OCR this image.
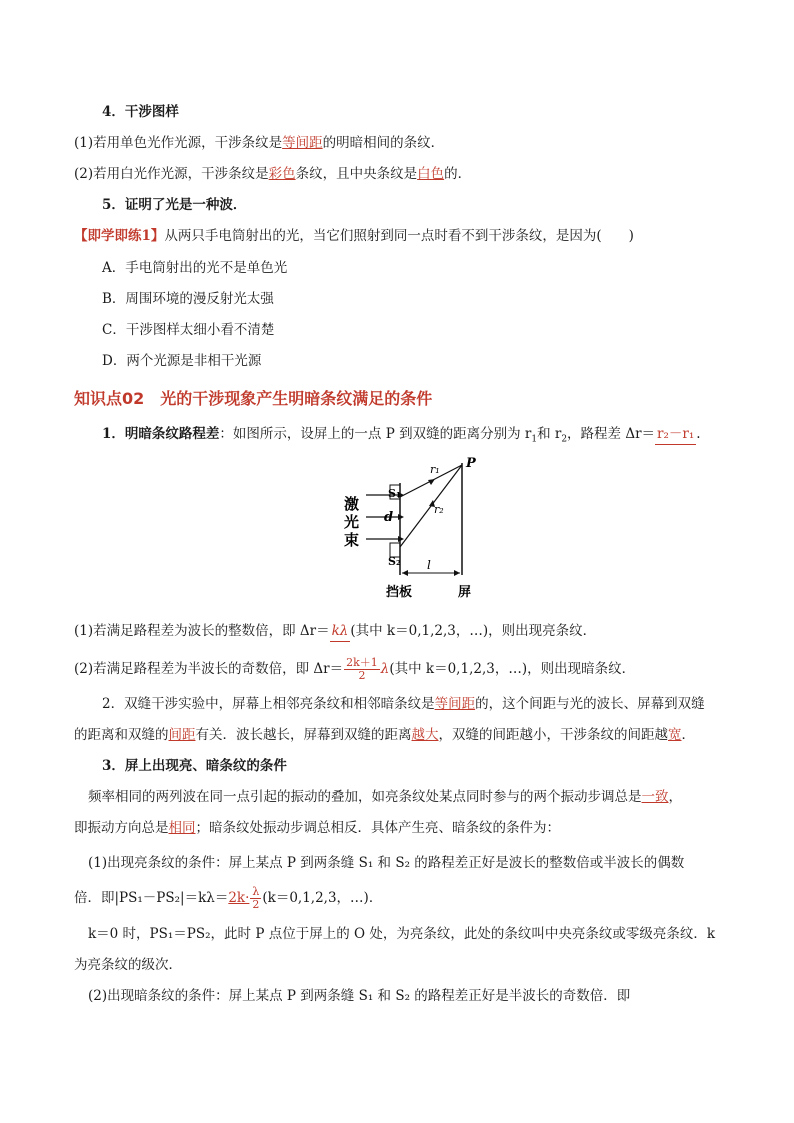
4．干涉图样
(1)若用单色光作光源，干涉条纹是等间距的明暗相间的条纹．
(2)若用白光作光源，干涉条纹是彩色条纹，且中央条纹是白色的．
5．证明了光是一种波．
【即学即练1】从两只手电筒射出的光，当它们照射到同一点时看不到干涉条纹，是因为(　　)
A．手电筒射出的光不是单色光
B．周围环境的漫反射光太强
C．干涉图样太细小看不清楚
D．两个光源是非相干光源
知识点02　光的干涉现象产生明暗条纹满足的条件
1．明暗条纹路程差：如图所示，设屏上的一点 P 到双缝的距离分别为 $r_1$和 $r_2$，路程差 Δr＝ r₂－r₁ .
激
光
束
S₁
S₂
d
r₁
r₂
P
l
挡板	屏
(1)若满足路程差为波长的整数倍，即 Δr＝ kλ (其中 k＝0,1,2,3，…)，则出现亮条纹．
(2)若满足路程差为半波长的奇数倍，即 $\Delta r= \frac{2k+1}{2} \lambda$(其中 k＝0,1,2,3，…)，则出现暗条纹．
2．双缝干涉实验中，屏幕上相邻亮条纹和相邻暗条纹是等间距的，这个间距与光的波长、屏幕到双缝
的距离和双缝的间距有关．波长越长，屏幕到双缝的距离越大，双缝的间距越小，干涉条纹的间距越宽．
3．屏上出现亮、暗条纹的条件
频率相同的两列波在同一点引起的振动的叠加，如亮条纹处某点同时参与的两个振动步调总是一致，
即振动方向总是相同；暗条纹处振动步调总相反．具体产生亮、暗条纹的条件为：
(1)出现亮条纹的条件：屏上某点 P 到两条缝 S₁ 和 S₂ 的路程差正好是波长的整数倍或半波长的偶数
倍．即$|PS_1-PS_2|=k\lambda=2k\cdot \frac{\lambda}{2} (k=0,1,2,3$，…)．
k＝0 时，PS₁＝PS₂，此时 P 点位于屏上的 O 处，为亮条纹，此处的条纹叫中央亮条纹或零级亮条纹．k
为亮条纹的级次．
(2)出现暗条纹的条件：屏上某点 P 到两条缝 S₁ 和 S₂ 的路程差正好是半波长的奇数倍．即
